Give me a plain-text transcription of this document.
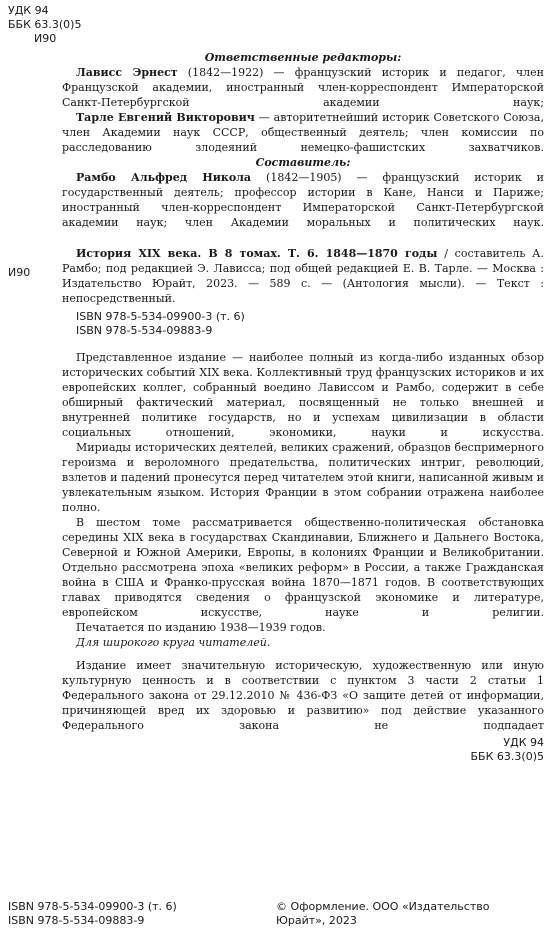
УДК 94
ББК 63.3(0)5
И90

Ответственные редакторы:

Лависс Эрнест (1842—1922) — французский историк и педагог, член Французской академии, иностранный член-корреспондент Императорской Санкт-Петербургской академии наук;

Тарле Евгений Викторович — авторитетнейший историк Советского Союза, член Академии наук СССР, общественный деятель; член комиссии по расследованию злодеяний немецко-фашистских захватчиков.

Составитель:

Рамбо Альфред Никола (1842—1905) — французский историк и государственный деятель; профессор истории в Кане, Нанси и Париже; иностранный член-корреспондент Императорской Санкт-Петербургской академии наук; член Академии моральных и политических наук.

И90

История XIX века. В 8 томах. Т. 6. 1848—1870 годы / составитель А. Рамбо; под редакцией Э. Лависса; под общей редакцией Е. В. Тарле. — Москва : Издательство Юрайт, 2023. — 589 с. — (Антология мысли). — Текст : непосредственный.

ISBN 978-5-534-09900-3 (т. 6)
ISBN 978-5-534-09883-9

Представленное издание — наиболее полный из когда-либо изданных обзор исторических событий XIX века. Коллективный труд французских историков и их европейских коллег, собранный воедино Лависсом и Рамбо, содержит в себе обширный фактический материал, посвященный не только внешней и внутренней политике государств, но и успехам цивилизации в области социальных отношений, экономики, науки и искусства.

Мириады исторических деятелей, великих сражений, образцов беспримерного героизма и вероломного предательства, политических интриг, революций, взлетов и падений пронесутся перед читателем этой книги, написанной живым и увлекательным языком. История Франции в этом собрании отражена наиболее полно.

В шестом томе рассматривается общественно-политическая обстановка середины XIX века в государствах Скандинавии, Ближнего и Дальнего Востока, Северной и Южной Америки, Европы, в колониях Франции и Великобритании. Отдельно рассмотрена эпоха «великих реформ» в России, а также Гражданская война в США и Франко-прусская война 1870—1871 годов. В соответствующих главах приводятся сведения о французской экономике и литературе, европейском искусстве, науке и религии.

Печатается по изданию 1938—1939 годов.

Для широкого круга читателей.

Издание имеет значительную историческую, художественную или иную культурную ценность и в соответствии с пунктом 3 части 2 статьи 1 Федерального закона от 29.12.2010 № 436-ФЗ «О защите детей от информации, причиняющей вред их здоровью и развитию» под действие указанного Федерального закона не подпадает

УДК 94
ББК 63.3(0)5
ISBN 978-5-534-09900-3 (т. 6)
ISBN 978-5-534-09883-9
© Оформление. ООО «Издательство
Юрайт», 2023
